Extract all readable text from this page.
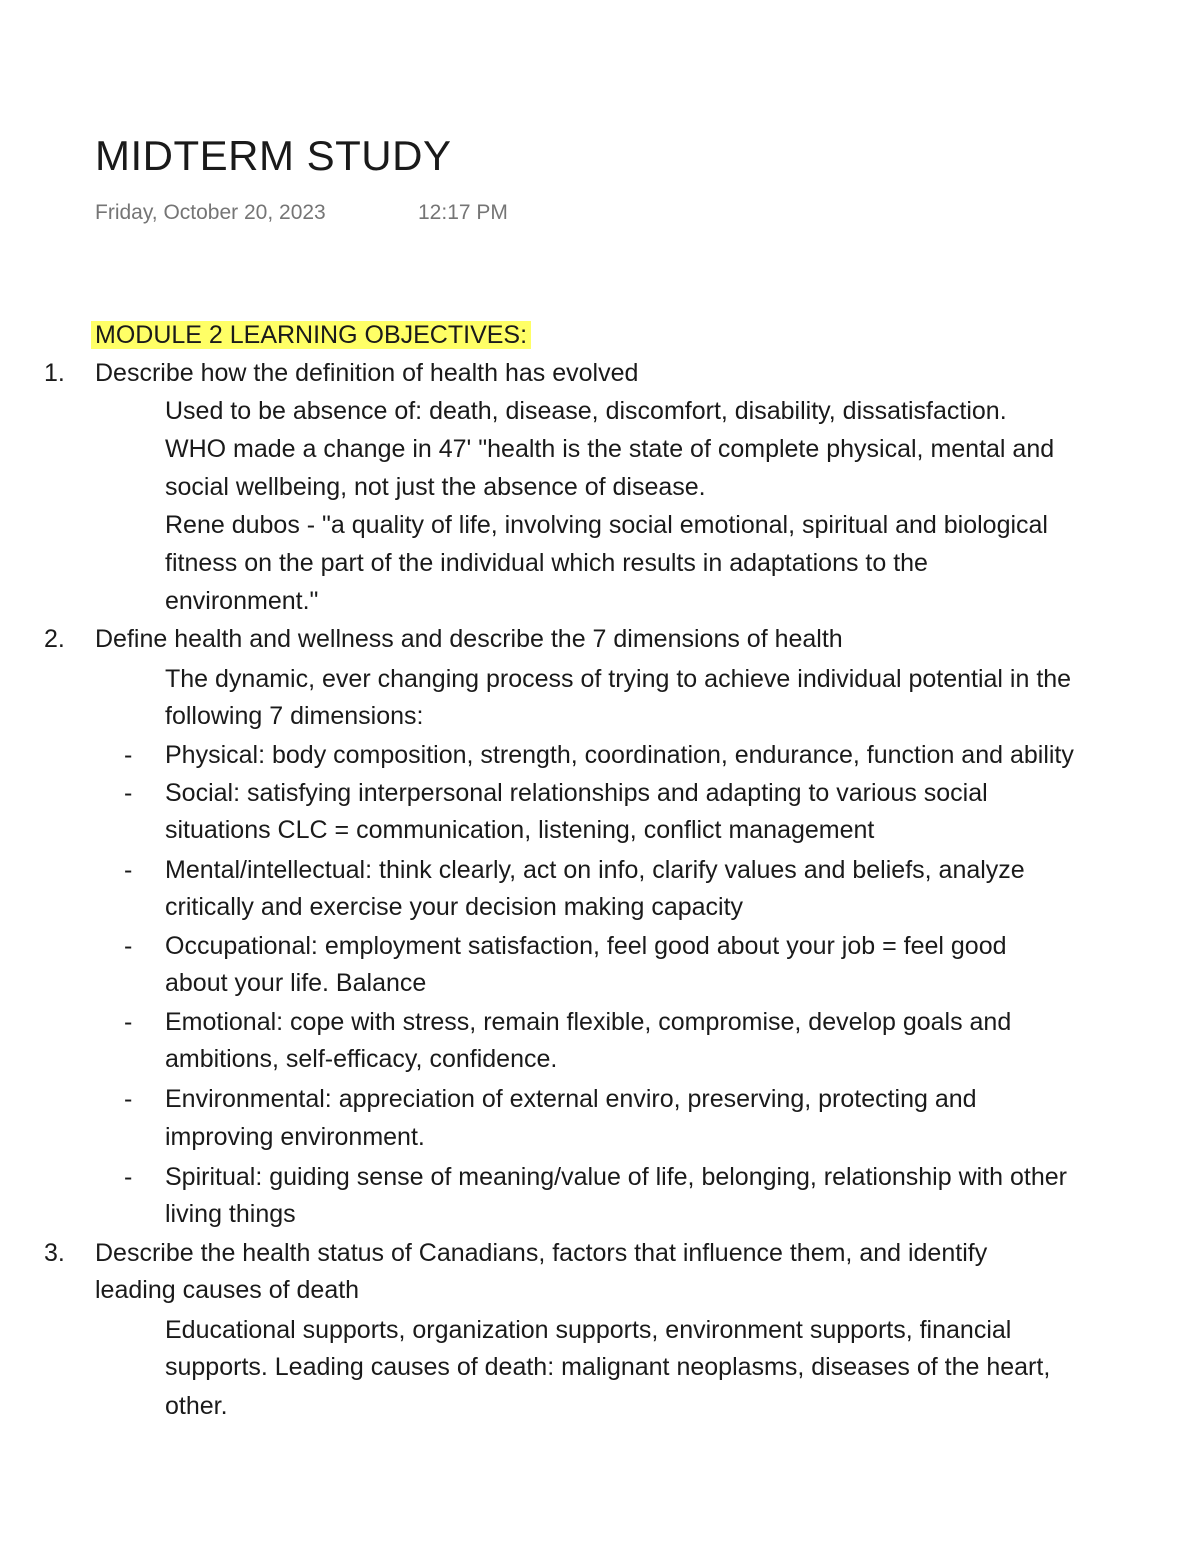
MIDTERM STUDY
Friday, October 20, 2023	12:17 PM
MODULE 2 LEARNING OBJECTIVES:
1. Describe how the definition of health has evolved
Used to be absence of: death, disease, discomfort, disability, dissatisfaction.
WHO made a change in 47' "health is the state of complete physical, mental and
social wellbeing, not just the absence of disease.
Rene dubos - "a quality of life, involving social emotional, spiritual and biological
fitness on the part of the individual which results in adaptations to the
environment."
2. Define health and wellness and describe the 7 dimensions of health
The dynamic, ever changing process of trying to achieve individual potential in the
following 7 dimensions:
- Physical: body composition, strength, coordination, endurance, function and ability
- Social: satisfying interpersonal relationships and adapting to various social
situations CLC = communication, listening, conflict management
- Mental/intellectual: think clearly, act on info, clarify values and beliefs, analyze
critically and exercise your decision making capacity
- Occupational: employment satisfaction, feel good about your job = feel good
about your life. Balance
- Emotional: cope with stress, remain flexible, compromise, develop goals and
ambitions, self-efficacy, confidence.
- Environmental: appreciation of external enviro, preserving, protecting and
improving environment.
- Spiritual: guiding sense of meaning/value of life, belonging, relationship with other
living things
3. Describe the health status of Canadians, factors that influence them, and identify
leading causes of death
Educational supports, organization supports, environment supports, financial
supports. Leading causes of death: malignant neoplasms, diseases of the heart,
other.
